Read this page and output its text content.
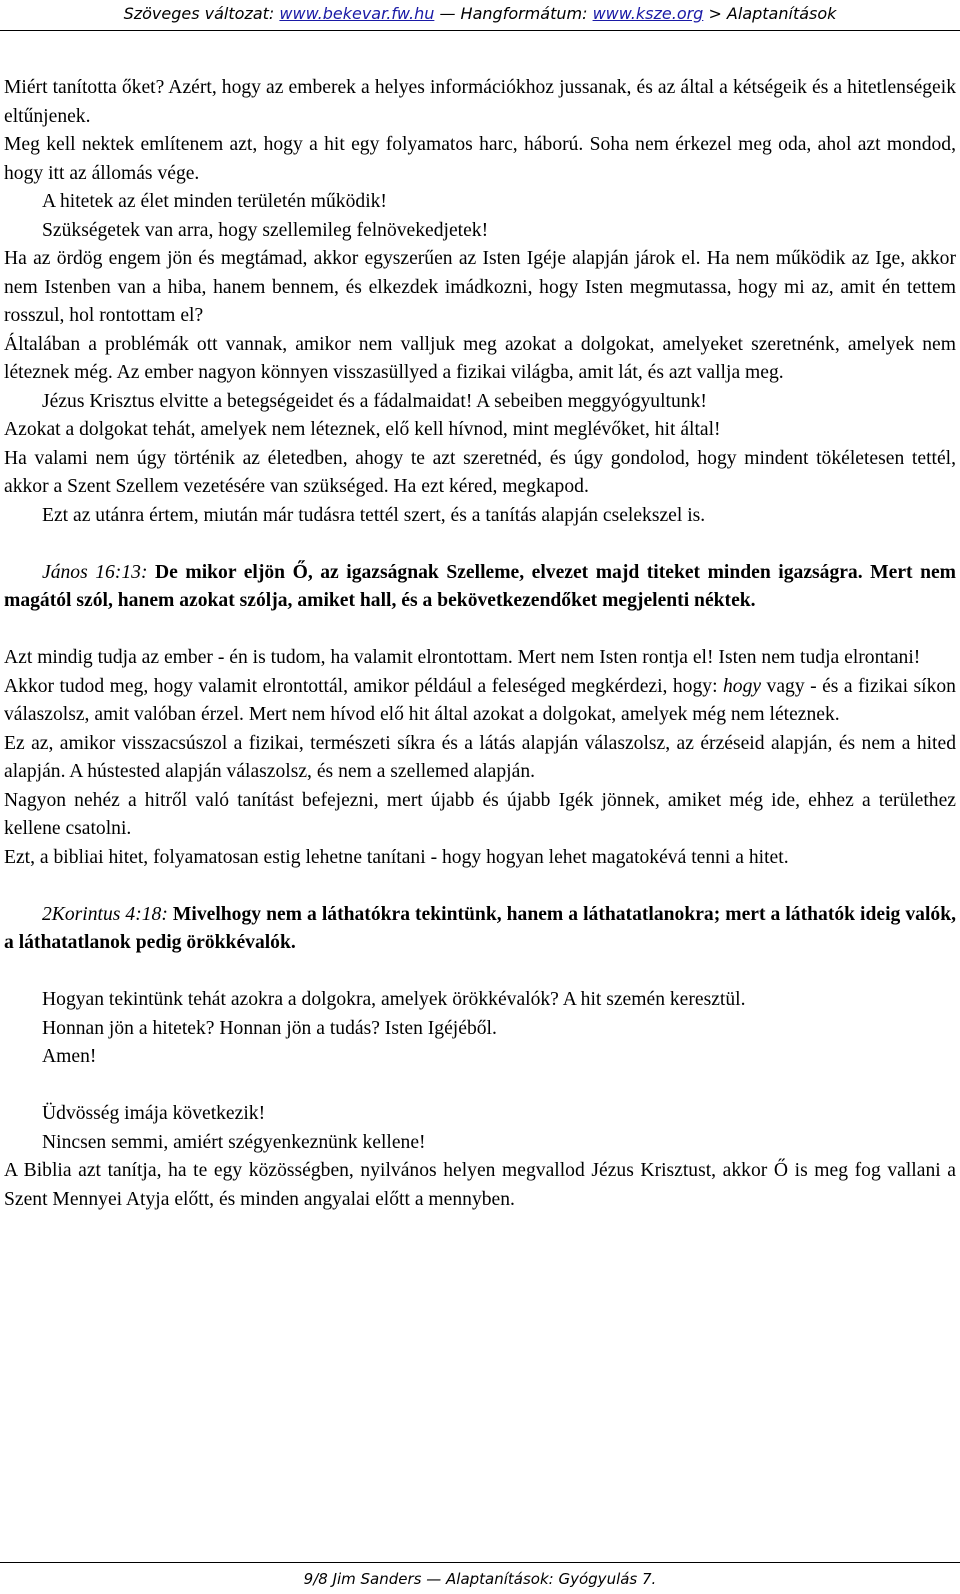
Szöveges változat: www.bekevar.fw.hu — Hangformátum: www.ksze.org > Alaptanítások

Miért tanította őket? Azért, hogy az emberek a helyes információkhoz jussanak, és az által a kétségeik és a hitetlenségeik eltűnjenek.

Meg kell nektek említenem azt, hogy a hit egy folyamatos harc, háború. Soha nem érkezel meg oda, ahol azt mondod, hogy itt az állomás vége.

A hitetek az élet minden területén működik!

Szükségetek van arra, hogy szellemileg felnövekedjetek!

Ha az ördög engem jön és megtámad, akkor egyszerűen az Isten Igéje alapján járok el. Ha nem működik az Ige, akkor nem Istenben van a hiba, hanem bennem, és elkezdek imádkozni, hogy Isten megmutassa, hogy mi az, amit én tettem rosszul, hol rontottam el?

Általában a problémák ott vannak, amikor nem valljuk meg azokat a dolgokat, amelyeket szeretnénk, amelyek nem léteznek még. Az ember nagyon könnyen visszasüllyed a fizikai világba, amit lát, és azt vallja meg.

Jézus Krisztus elvitte a betegségeidet és a fádalmaidat! A sebeiben meggyógyultunk!

Azokat a dolgokat tehát, amelyek nem léteznek, elő kell hívnod, mint meglévőket, hit által!

Ha valami nem úgy történik az életedben, ahogy te azt szeretnéd, és úgy gondolod, hogy mindent tökéletesen tettél, akkor a Szent Szellem vezetésére van szükséged. Ha ezt kéred, megkapod.

Ezt az utánra értem, miután már tudásra tettél szert, és a tanítás alapján cselekszel is.

János 16:13: De mikor eljön Ő, az igazságnak Szelleme, elvezet majd titeket minden igazságra. Mert nem magától szól, hanem azokat szólja, amiket hall, és a bekövetkezendőket megjelenti néktek.

Azt mindig tudja az ember - én is tudom, ha valamit elrontottam. Mert nem Isten rontja el! Isten nem tudja elrontani!

Akkor tudod meg, hogy valamit elrontottál, amikor például a feleséged megkérdezi, hogy: hogy vagy - és a fizikai síkon válaszolsz, amit valóban érzel. Mert nem hívod elő hit által azokat a dolgokat, amelyek még nem léteznek.

Ez az, amikor visszacsúszol a fizikai, természeti síkra és a látás alapján válaszolsz, az érzéseid alapján, és nem a hited alapján. A hústested alapján válaszolsz, és nem a szellemed alapján.

Nagyon nehéz a hitről való tanítást befejezni, mert újabb és újabb Igék jönnek, amiket még ide, ehhez a területhez kellene csatolni.

Ezt, a bibliai hitet, folyamatosan estig lehetne tanítani - hogy hogyan lehet magatokévá tenni a hitet.

2Korintus 4:18: Mivelhogy nem a láthatókra tekintünk, hanem a láthatatlanokra; mert a láthatók ideig valók, a láthatatlanok pedig örökkévalók.

Hogyan tekintünk tehát azokra a dolgokra, amelyek örökkévalók? A hit szemén keresztül.

Honnan jön a hitetek? Honnan jön a tudás? Isten Igéjéből.

Amen!

Üdvösség imája következik!

Nincsen semmi, amiért szégyenkeznünk kellene!

A Biblia azt tanítja, ha te egy közösségben, nyilvános helyen megvallod Jézus Krisztust, akkor Ő is meg fog vallani a Szent Mennyei Atyja előtt, és minden angyalai előtt a mennyben.

9/8 Jim Sanders — Alaptanítások: Gyógyulás 7.
